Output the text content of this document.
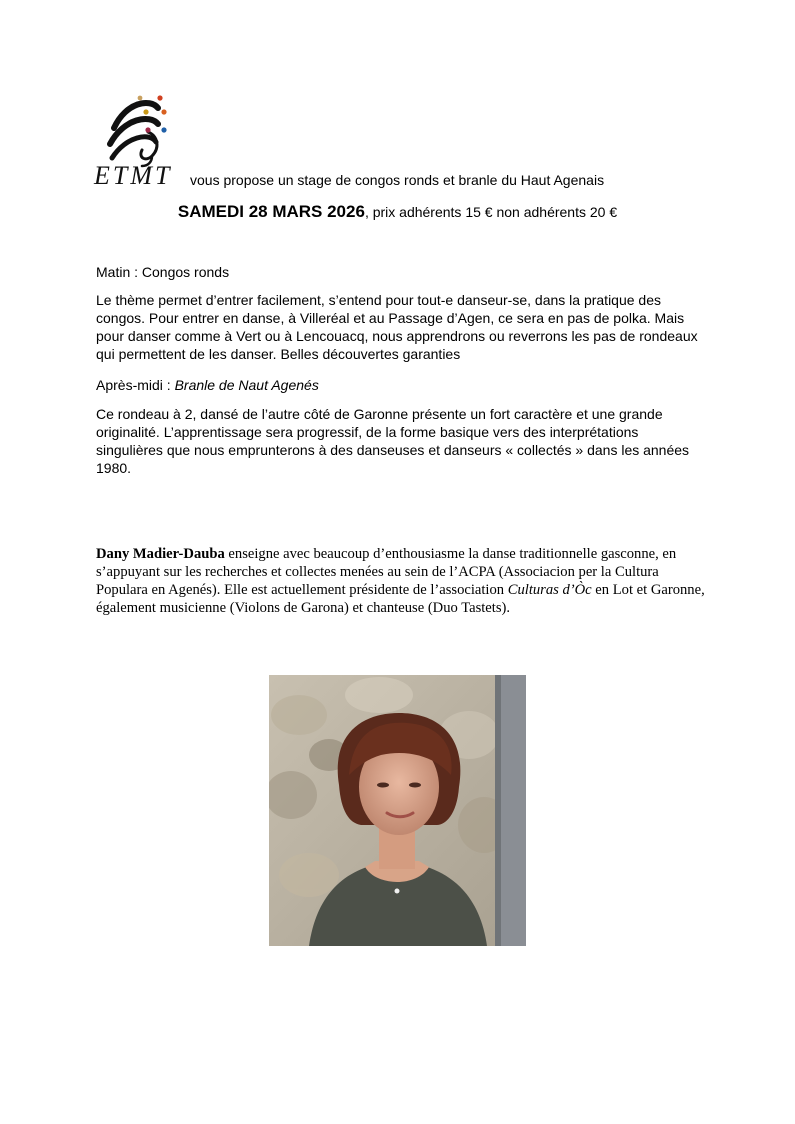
ETMT vous propose un stage de congos ronds et branle du Haut Agenais
SAMEDI 28 MARS 2026, prix adhérents 15 € non adhérents 20 €
Matin : Congos ronds
Le thème permet d’entrer facilement, s’entend pour tout-e danseur-se, dans la pratique des congos. Pour entrer en danse, à Villeréal et au Passage d’Agen, ce sera en pas de polka. Mais pour danser comme à Vert ou à Lencouacq, nous apprendrons ou reverrons les pas de rondeaux qui permettent de les danser. Belles découvertes garanties
Après-midi : Branle de Naut Agenés
Ce rondeau à 2, dansé de l’autre côté de Garonne présente un fort caractère et une grande originalité. L’apprentissage sera progressif, de la forme basique vers des interprétations singulières que nous emprunterons à des danseuses et danseurs « collectés » dans les années 1980.
Dany Madier-Dauba enseigne avec beaucoup d’enthousiasme la danse traditionnelle gasconne, en s’appuyant sur les recherches et collectes menées au sein de l’ACPA (Associacion per la Cultura Populara en Agenés). Elle est actuellement présidente de l’association Culturas d’Òc en Lot et Garonne, également musicienne (Violons de Garona) et chanteuse (Duo Tastets).
